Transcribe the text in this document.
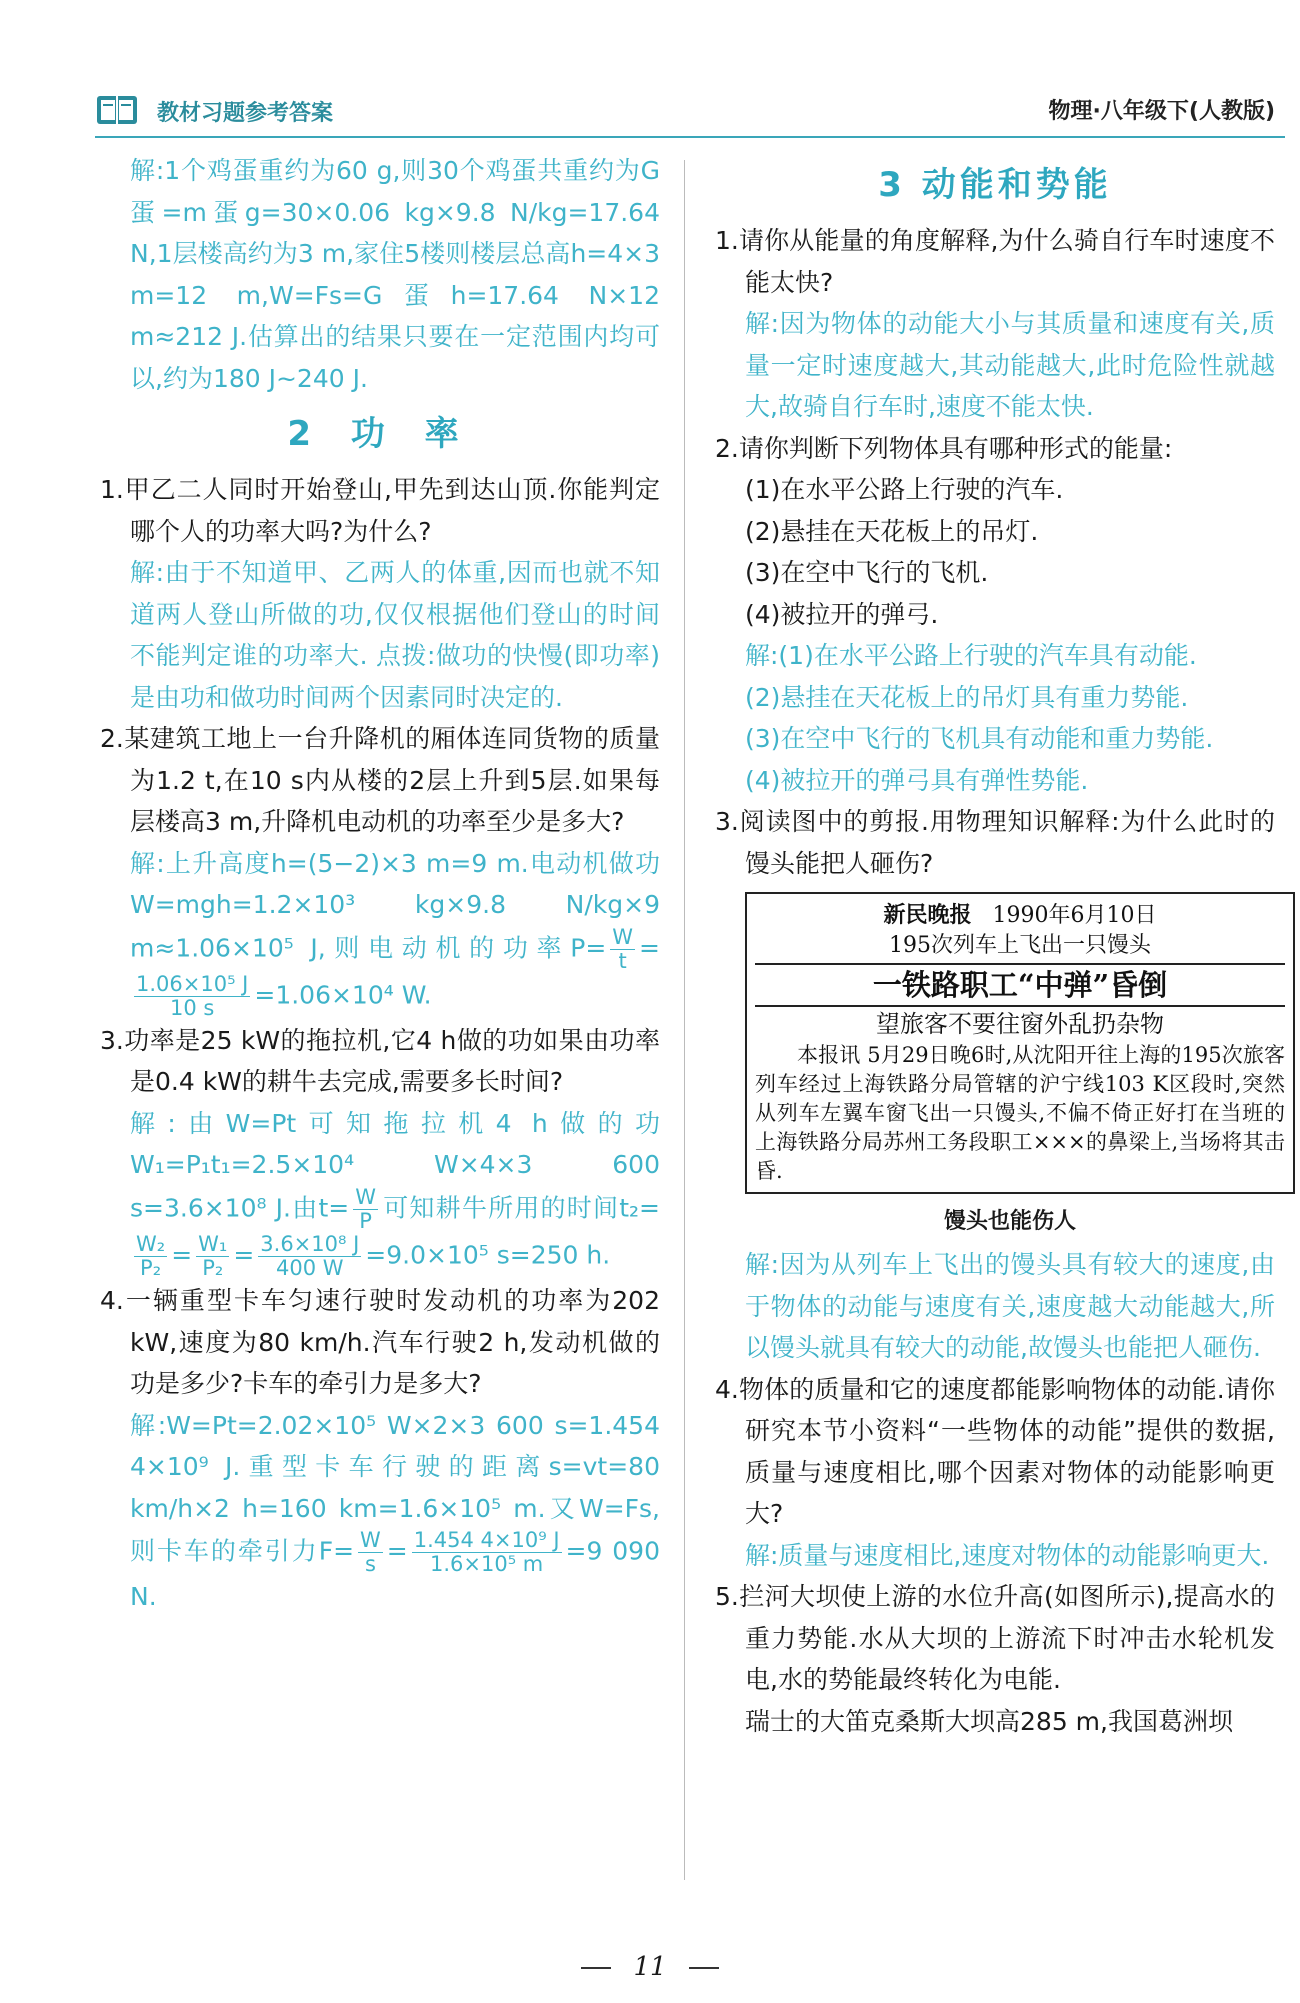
教材习题参考答案	物理·八年级下(人教版)
解:1个鸡蛋重约为60 g,则30个鸡蛋共重约为G蛋=m蛋g=30×0.06 kg×9.8 N/kg=17.64 N,1层楼高约为3 m,家住5楼则楼层总高h=4×3 m=12 m,W=Fs=G蛋h=17.64 N×12 m≈212 J.估算出的结果只要在一定范围内均可以,约为180 J~240 J.
2 功 率
1.甲乙二人同时开始登山,甲先到达山顶.你能判定哪个人的功率大吗?为什么?
解:由于不知道甲、乙两人的体重,因而也就不知道两人登山所做的功,仅仅根据他们登山的时间不能判定谁的功率大. 点拨:做功的快慢(即功率)是由功和做功时间两个因素同时决定的.
2.某建筑工地上一台升降机的厢体连同货物的质量为1.2 t,在10 s内从楼的2层上升到5层.如果每层楼高3 m,升降机电动机的功率至少是多大?
解:上升高度h=(5−2)×3 m=9 m.电动机做功W=mgh=1.2×10³ kg×9.8 N/kg×9 m≈1.06×10⁵ J,则电动机的功率$P= \frac{W}{t}$ =
$\frac{\text{1.06×10⁵ J}}{10 s} =1.06\times 10^4$ W.
3.功率是25 kW的拖拉机,它4 h做的功如果由功率是0.4 kW的耕牛去完成,需要多长时间?
解:由W=Pt可知拖拉机4 h做的功W₁=P₁t₁=2.5×10⁴ W×4×3 600 s=3.6×10⁸ J.由$t= \frac{W}{P}$ 可知耕牛所用的时间t₂=
$\frac{\text{W₂}}{\text{P₂}} = \frac{\text{W₁}}{\text{P₂}} = \frac{\text{3.6×10⁸ J}}{400 W} =9.0\times 10^5$ s=250 h.
4.一辆重型卡车匀速行驶时发动机的功率为202 kW,速度为80 km/h.汽车行驶2 h,发动机做的功是多少?卡车的牵引力是多大?
解:W=Pt=2.02×10⁵ W×2×3 600 s=1.454 4×10⁹ J.重型卡车行驶的距离s=vt=80 km/h×2 h=160 km=1.6×10⁵ m.又W=Fs,则卡车的牵引力$F= \frac{W}{s} = \frac{\text{1.454 4×10⁹ J}}{\text{1.6×10⁵ m}} =9$ 090 N.
3 动能和势能
1.请你从能量的角度解释,为什么骑自行车时速度不能太快?
解:因为物体的动能大小与其质量和速度有关,质量一定时速度越大,其动能越大,此时危险性就越大,故骑自行车时,速度不能太快.
2.请你判断下列物体具有哪种形式的能量:
(1)在水平公路上行驶的汽车.
(2)悬挂在天花板上的吊灯.
(3)在空中飞行的飞机.
(4)被拉开的弹弓.
解:(1)在水平公路上行驶的汽车具有动能.
(2)悬挂在天花板上的吊灯具有重力势能.
(3)在空中飞行的飞机具有动能和重力势能.
(4)被拉开的弹弓具有弹性势能.
3.阅读图中的剪报.用物理知识解释:为什么此时的馒头能把人砸伤?
新民晚报 1990年6月10日
195次列车上飞出一只馒头
一铁路职工“中弹”昏倒
望旅客不要往窗外乱扔杂物
本报讯 5月29日晚6时,从沈阳开往上海的195次旅客列车经过上海铁路分局管辖的沪宁线103 K区段时,突然从列车左翼车窗飞出一只馒头,不偏不倚正好打在当班的上海铁路分局苏州工务段职工×××的鼻梁上,当场将其击昏.
馒头也能伤人
解:因为从列车上飞出的馒头具有较大的速度,由于物体的动能与速度有关,速度越大动能越大,所以馒头就具有较大的动能,故馒头也能把人砸伤.
4.物体的质量和它的速度都能影响物体的动能.请你研究本节小资料“一些物体的动能”提供的数据,质量与速度相比,哪个因素对物体的动能影响更大?
解:质量与速度相比,速度对物体的动能影响更大.
5.拦河大坝使上游的水位升高(如图所示),提高水的重力势能.水从大坝的上游流下时冲击水轮机发电,水的势能最终转化为电能.
瑞士的大笛克桑斯大坝高285 m,我国葛洲坝
11
